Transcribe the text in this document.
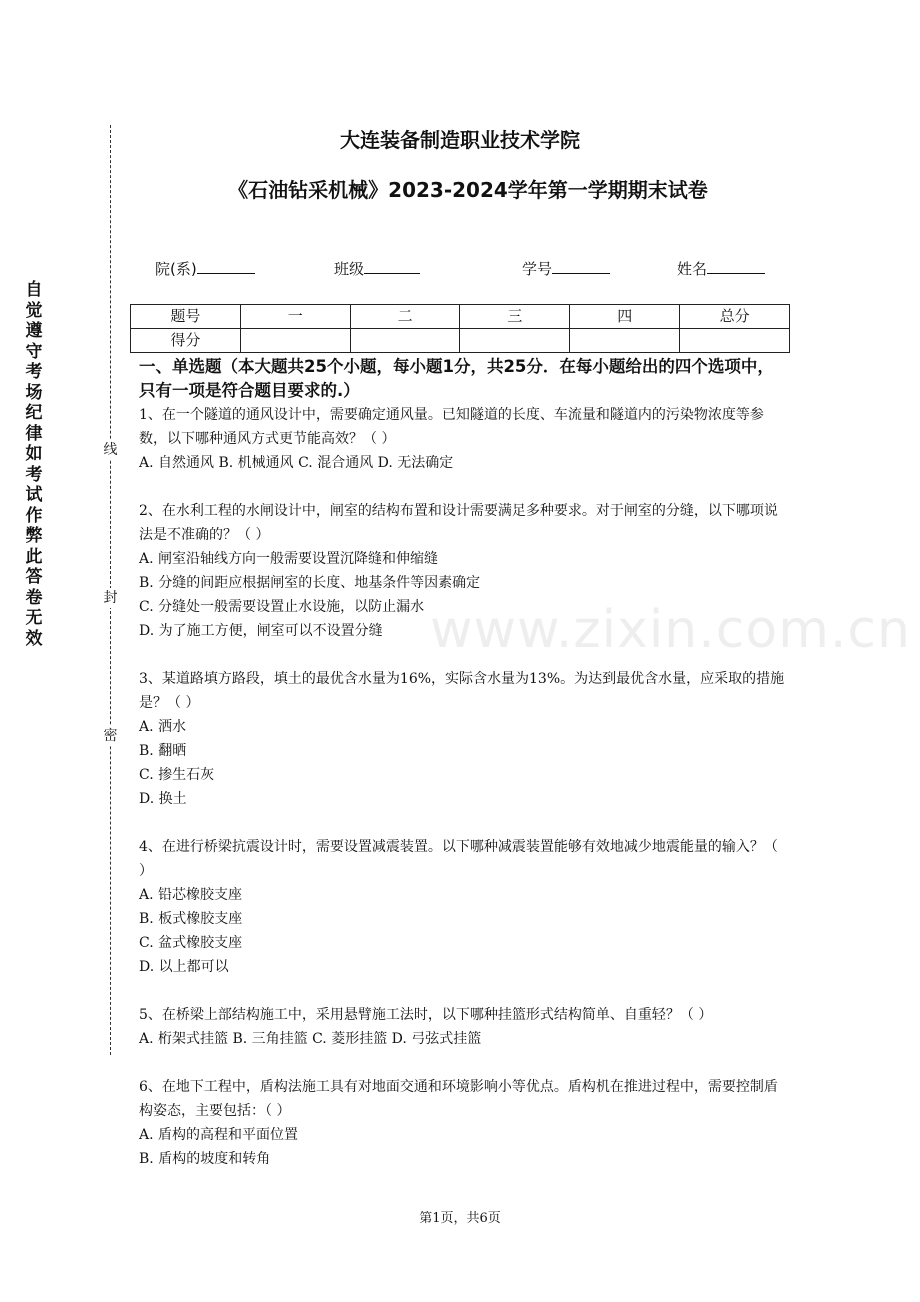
线
封
密
自觉遵守考场纪律如考试作弊此答卷无效
大连装备制造职业技术学院
《石油钻采机械》2023-2024学年第一学期期末试卷
院(系)	班级	学号	姓名
题号	一	二	三	四	总分
得分					
一、单选题（本大题共25个小题，每小题1分，共25分．在每小题给出的四个选项中，只有一项是符合题目要求的.）
www.zixin.com.cn

1、在一个隧道的通风设计中，需要确定通风量。已知隧道的长度、车流量和隧道内的污染物浓度等参数，以下哪种通风方式更节能高效？（ ）

A. 自然通风 B. 机械通风 C. 混合通风 D. 无法确定

2、在水利工程的水闸设计中，闸室的结构布置和设计需要满足多种要求。对于闸室的分缝，以下哪项说法是不准确的？（ ）

A. 闸室沿轴线方向一般需要设置沉降缝和伸缩缝

B. 分缝的间距应根据闸室的长度、地基条件等因素确定

C. 分缝处一般需要设置止水设施，以防止漏水

D. 为了施工方便，闸室可以不设置分缝

3、某道路填方路段，填土的最优含水量为16%，实际含水量为13%。为达到最优含水量，应采取的措施是？（ ）

A. 洒水

B. 翻晒

C. 掺生石灰

D. 换土

4、在进行桥梁抗震设计时，需要设置减震装置。以下哪种减震装置能够有效地减少地震能量的输入？（ ）

A. 铅芯橡胶支座

B. 板式橡胶支座

C. 盆式橡胶支座

D. 以上都可以

5、在桥梁上部结构施工中，采用悬臂施工法时，以下哪种挂篮形式结构简单、自重轻？（ ）

A. 桁架式挂篮 B. 三角挂篮 C. 菱形挂篮 D. 弓弦式挂篮

6、在地下工程中，盾构法施工具有对地面交通和环境影响小等优点。盾构机在推进过程中，需要控制盾构姿态，主要包括：（ ）

A. 盾构的高程和平面位置

B. 盾构的坡度和转角

第1页，共6页
